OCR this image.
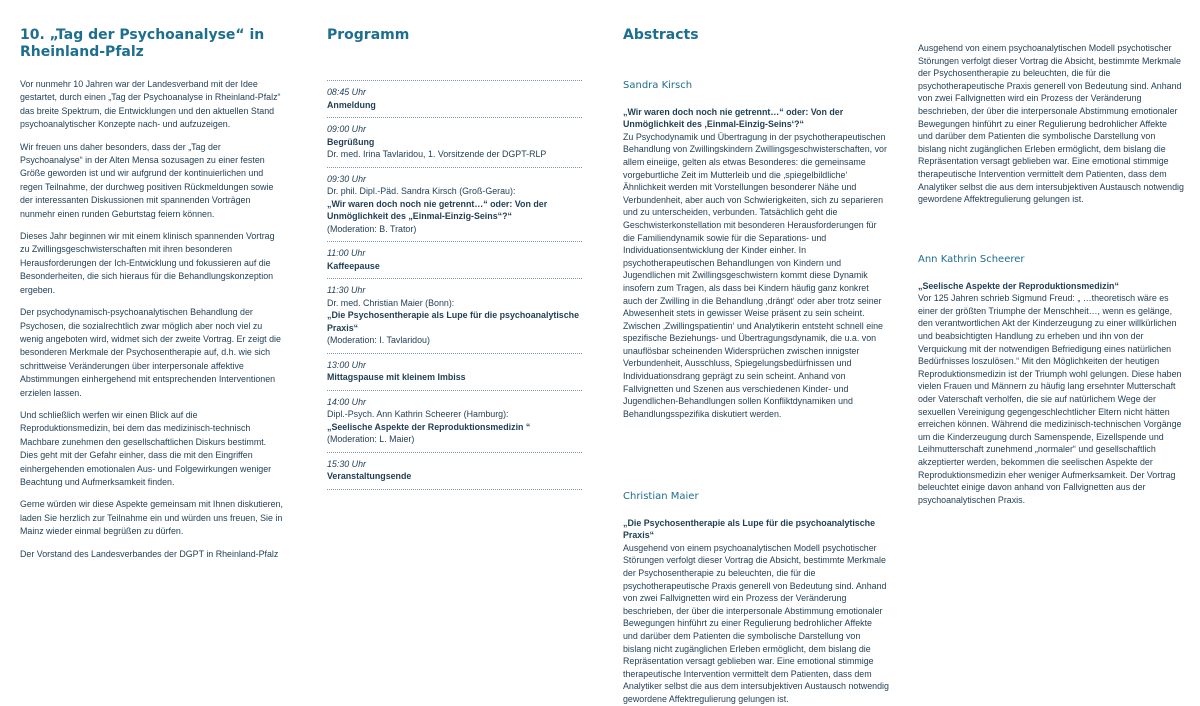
10. „Tag der Psychoanalyse“ in Rheinland-Pfalz

Vor nunmehr 10 Jahren war der Landesverband mit der Idee gestartet, durch einen „Tag der Psychoanalyse in Rheinland-Pfalz“ das breite Spektrum, die Entwicklungen und den aktuellen Stand psychoanalytischer Konzepte nach- und aufzuzeigen.

Wir freuen uns daher besonders, dass der „Tag der Psychoanalyse“ in der Alten Mensa sozusagen zu einer festen Größe geworden ist und wir aufgrund der kontinuierlichen und regen Teilnahme, der durchweg positiven Rückmeldungen sowie der interessanten Diskussionen mit spannenden Vorträgen nunmehr einen runden Geburtstag feiern können.

Dieses Jahr beginnen wir mit einem klinisch spannenden Vortrag zu Zwillingsgeschwisterschaften mit ihren besonderen Herausforderungen der Ich-Entwicklung und fokussieren auf die Besonderheiten, die sich hieraus für die Behandlungskonzeption ergeben.

Der psychodynamisch-psychoanalytischen Behandlung der Psychosen, die sozialrechtlich zwar möglich aber noch viel zu wenig angeboten wird, widmet sich der zweite Vortrag. Er zeigt die besonderen Merkmale der Psychosentherapie auf, d.h. wie sich schrittweise Veränderungen über interpersonale affektive Abstimmungen einhergehend mit entsprechenden Interventionen erzielen lassen.

Und schließlich werfen wir einen Blick auf die Reproduktionsmedizin, bei dem das medizinisch-technisch Machbare zunehmen den gesellschaftlichen Diskurs bestimmt. Dies geht mit der Gefahr einher, dass die mit den Eingriffen einhergehenden emotionalen Aus- und Folgewirkungen weniger Beachtung und Aufmerksamkeit finden.

Gerne würden wir diese Aspekte gemeinsam mit Ihnen diskutieren, laden Sie herzlich zur Teilnahme ein und würden uns freuen, Sie in Mainz wieder einmal begrüßen zu dürfen.

Der Vorstand des Landesverbandes der DGPT in Rheinland-Pfalz

Programm
08:45 Uhr
Anmeldung
09:00 Uhr
Begrüßung
Dr. med. Irina Tavlaridou, 1. Vorsitzende der DGPT-RLP
09:30 Uhr
Dr. phil. Dipl.-Päd. Sandra Kirsch (Groß-Gerau):
„Wir waren doch noch nie getrennt…“ oder: Von der Unmöglichkeit des „Einmal-Einzig-Seins“?“
(Moderation: B. Trator)
11:00 Uhr
Kaffeepause
11:30 Uhr
Dr. med. Christian Maier (Bonn):
„Die Psychosentherapie als Lupe für die psychoanalytische Praxis“
(Moderation: I. Tavlaridou)
13:00 Uhr
Mittagspause mit kleinem Imbiss
14:00 Uhr
Dipl.-Psych. Ann Kathrin Scheerer (Hamburg):
„Seelische Aspekte der Reproduktionsmedizin “
(Moderation: L. Maier)
15:30 Uhr
Veranstaltungsende
Abstracts
Sandra Kirsch
„Wir waren doch noch nie getrennt…“ oder: Von der Unmöglichkeit des ‚Einmal-Einzig-Seins‘?“
Zu Psychodynamik und Übertragung in der psychotherapeutischen Behandlung von Zwillingskindern Zwillingsgeschwisterschaften, vor allem eineiige, gelten als etwas Besonderes: die gemeinsame vorgeburtliche Zeit im Mutterleib und die ‚spiegelbildliche‘ Ähnlichkeit werden mit Vorstellungen besonderer Nähe und Verbundenheit, aber auch von Schwierigkeiten, sich zu separieren und zu unterscheiden, verbunden. Tatsächlich geht die Geschwisterkonstellation mit besonderen Herausforderungen für die Familiendynamik sowie für die Separations- und Individuationsentwicklung der Kinder einher. In psychotherapeutischen Behandlungen von Kindern und Jugendlichen mit Zwillingsgeschwistern kommt diese Dynamik insofern zum Tragen, als dass bei Kindern häufig ganz konkret auch der Zwilling in die Behandlung ‚drängt‘ oder aber trotz seiner Abwesenheit stets in gewisser Weise präsent zu sein scheint. Zwischen ‚Zwillingspatientin‘ und Analytikerin entsteht schnell eine spezifische Beziehungs- und Übertragungsdynamik, die u.a. von unauflösbar scheinenden Widersprüchen zwischen innigster Verbundenheit, Ausschluss, Spiegelungsbedürfnissen und Individuationsdrang geprägt zu sein scheint. Anhand von Fallvignetten und Szenen aus verschiedenen Kinder- und Jugendlichen-Behandlungen sollen Konfliktdynamiken und Behandlungsspezifika diskutiert werden.
Christian Maier
„Die Psychosentherapie als Lupe für die psychoanalytische Praxis“
Ausgehend von einem psychoanalytischen Modell psychotischer Störungen verfolgt dieser Vortrag die Absicht, bestimmte Merkmale der Psychosentherapie zu beleuchten, die für die psychotherapeutische Praxis generell von Bedeutung sind. Anhand von zwei Fallvignetten wird ein Prozess der Veränderung beschrieben, der über die interpersonale Abstimmung emotionaler Bewegungen hinführt zu einer Regulierung bedrohlicher Affekte und darüber dem Patienten die symbolische Darstellung von bislang nicht zugänglichen Erleben ermöglicht, dem bislang die Repräsentation versagt geblieben war. Eine emotional stimmige therapeutische Intervention vermittelt dem Patienten, dass dem Analytiker selbst die aus dem intersubjektiven Austausch notwendig gewordene Affektregulierung gelungen ist.
Ausgehend von einem psychoanalytischen Modell psychotischer Störungen verfolgt dieser Vortrag die Absicht, bestimmte Merkmale der Psychosentherapie zu beleuchten, die für die psychotherapeutische Praxis generell von Bedeutung sind. Anhand von zwei Fallvignetten wird ein Prozess der Veränderung beschrieben, der über die interpersonale Abstimmung emotionaler Bewegungen hinführt zu einer Regulierung bedrohlicher Affekte und darüber dem Patienten die symbolische Darstellung von bislang nicht zugänglichen Erleben ermöglicht, dem bislang die Repräsentation versagt geblieben war. Eine emotional stimmige therapeutische Intervention vermittelt dem Patienten, dass dem Analytiker selbst die aus dem intersubjektiven Austausch notwendig gewordene Affektregulierung gelungen ist.
Ann Kathrin Scheerer
„Seelische Aspekte der Reproduktionsmedizin“
Vor 125 Jahren schrieb Sigmund Freud: „ …theoretisch wäre es einer der größten Triumphe der Menschheit…, wenn es gelänge, den verantwortlichen Akt der Kinderzeugung zu einer willkürlichen und beabsichtigten Handlung zu erheben und ihn von der Verquickung mit der notwendigen Befriedigung eines natürlichen Bedürfnisses loszulösen.“ Mit den Möglichkeiten der heutigen Reproduktionsmedizin ist der Triumph wohl gelungen. Diese haben vielen Frauen und Männern zu häufig lang ersehnter Mutterschaft oder Vaterschaft verholfen, die sie auf natürlichem Wege der sexuellen Vereinigung gegengeschlechtlicher Eltern nicht hätten erreichen können. Während die medizinisch-technischen Vorgänge um die Kinderzeugung durch Samenspende, Eizellspende und Leihmutterschaft zunehmend „normaler“ und gesellschaftlich akzeptierter werden, bekommen die seelischen Aspekte der Reproduktionsmedizin eher weniger Aufmerksamkeit. Der Vortrag beleuchtet einige davon anhand von Fallvignetten aus der psychoanalytischen Praxis.
